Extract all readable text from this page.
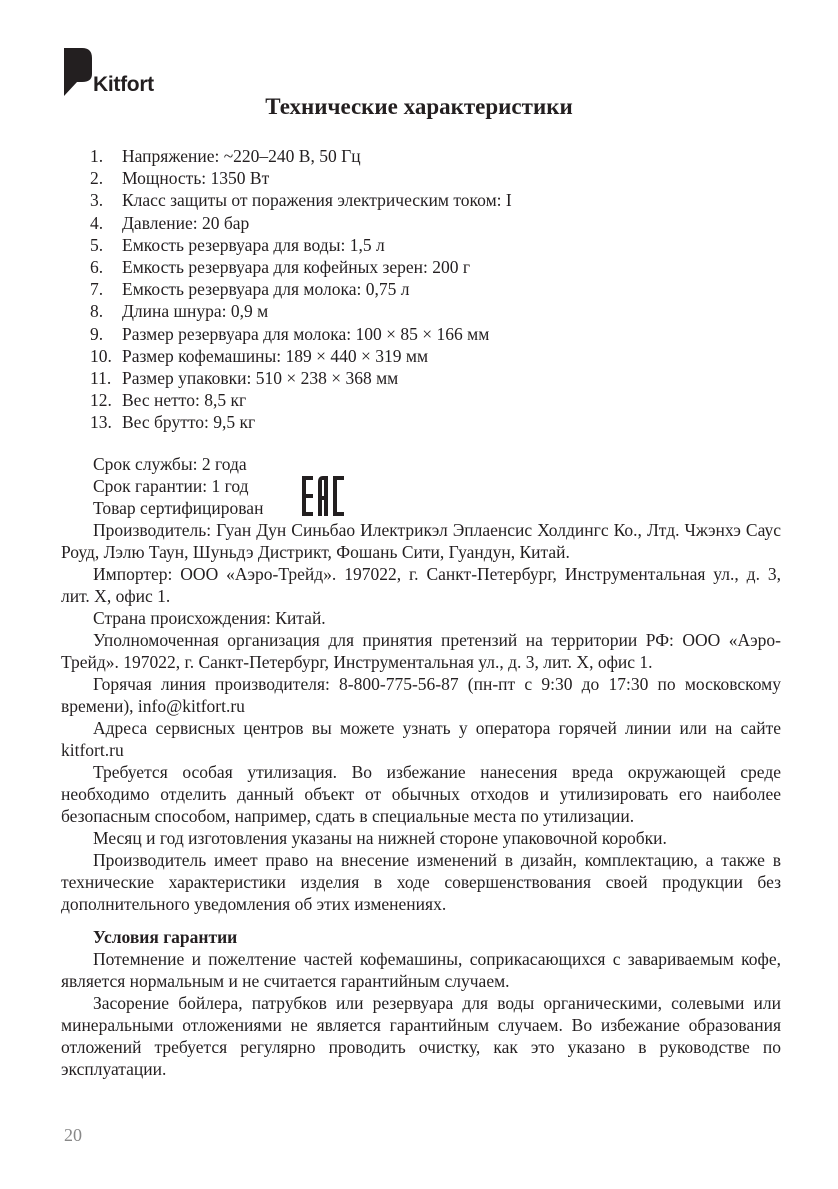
Kitfort
Технические характеристики
1. Напряжение: ~220–240 В, 50 Гц
2. Мощность: 1350 Вт
3. Класс защиты от поражения электрическим током: I
4. Давление: 20 бар
5. Емкость резервуара для воды: 1,5 л
6. Емкость резервуара для кофейных зерен: 200 г
7. Емкость резервуара для молока: 0,75 л
8. Длина шнура: 0,9 м
9. Размер резервуара для молока: 100 × 85 × 166 мм
10. Размер кофемашины: 189 × 440 × 319 мм
11. Размер упаковки: 510 × 238 × 368 мм
12. Вес нетто: 8,5 кг
13. Вес брутто: 9,5 кг
Срок службы: 2 года
Срок гарантии: 1 год
Товар сертифицирован

Производитель: Гуан Дун Синьбао Илектрикэл Эплаенсис Холдингс Ко., Лтд. Чжэнхэ Саус Роуд, Лэлю Таун, Шуньдэ Дистрикт, Фошань Сити, Гуандун, Китай.

Импортер: ООО «Аэро-Трейд». 197022, г. Санкт-Петербург, Инструментальная ул., д. 3, лит. Х, офис 1.

Страна происхождения: Китай.

Уполномоченная организация для принятия претензий на территории РФ: ООО «Аэро-Трейд». 197022, г. Санкт-Петербург, Инструментальная ул., д. 3, лит. Х, офис 1.

Горячая линия производителя: 8-800-775-56-87 (пн-пт с 9:30 до 17:30 по московскому времени), info@kitfort.ru

Адреса сервисных центров вы можете узнать у оператора горячей линии или на сайте kitfort.ru

Требуется особая утилизация. Во избежание нанесения вреда окружающей среде необходимо отделить данный объект от обычных отходов и утилизировать его наиболее безопасным способом, например, сдать в специальные места по утилизации.

Месяц и год изготовления указаны на нижней стороне упаковочной коробки.

Производитель имеет право на внесение изменений в дизайн, комплектацию, а также в технические характеристики изделия в ходе совершенствования своей продукции без дополнительного уведомления об этих изменениях.

Условия гарантии

Потемнение и пожелтение частей кофемашины, соприкасающихся с завариваемым кофе, является нормальным и не считается гарантийным случаем.

Засорение бойлера, патрубков или резервуара для воды органическими, солевыми или минеральными отложениями не является гарантийным случаем. Во избежание образования отложений требуется регулярно проводить очистку, как это указано в руководстве по эксплуатации.

20
